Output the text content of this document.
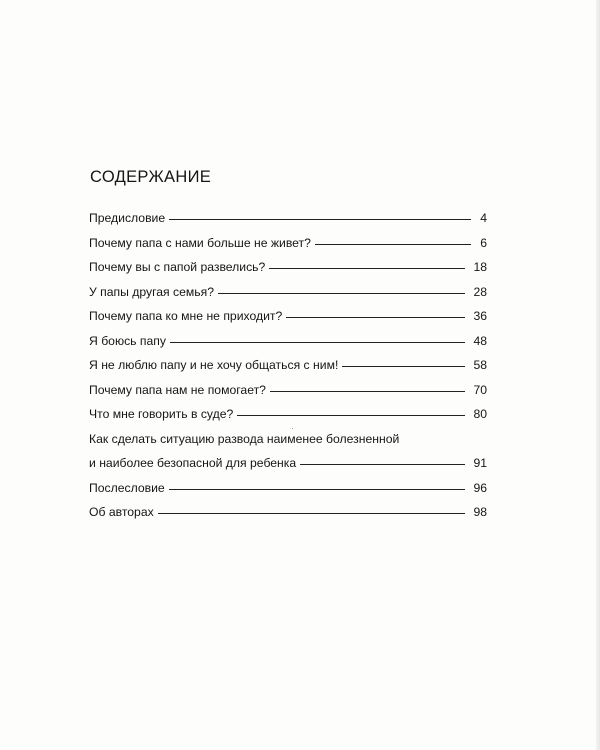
СОДЕРЖАНИЕ
Предисловие	4
Почему папа с нами больше не живет?	6
Почему вы с папой развелись?	18
У папы другая семья?	28
Почему папа ко мне не приходит?	36
Я боюсь папу	48
Я не люблю папу и не хочу общаться с ним!	58
Почему папа нам не помогает?	70
Что мне говорить в суде?	80
Как сделать ситуацию развода наименее болезненной
и наиболее безопасной для ребенка	91
Послесловие	96
Об авторах	98
